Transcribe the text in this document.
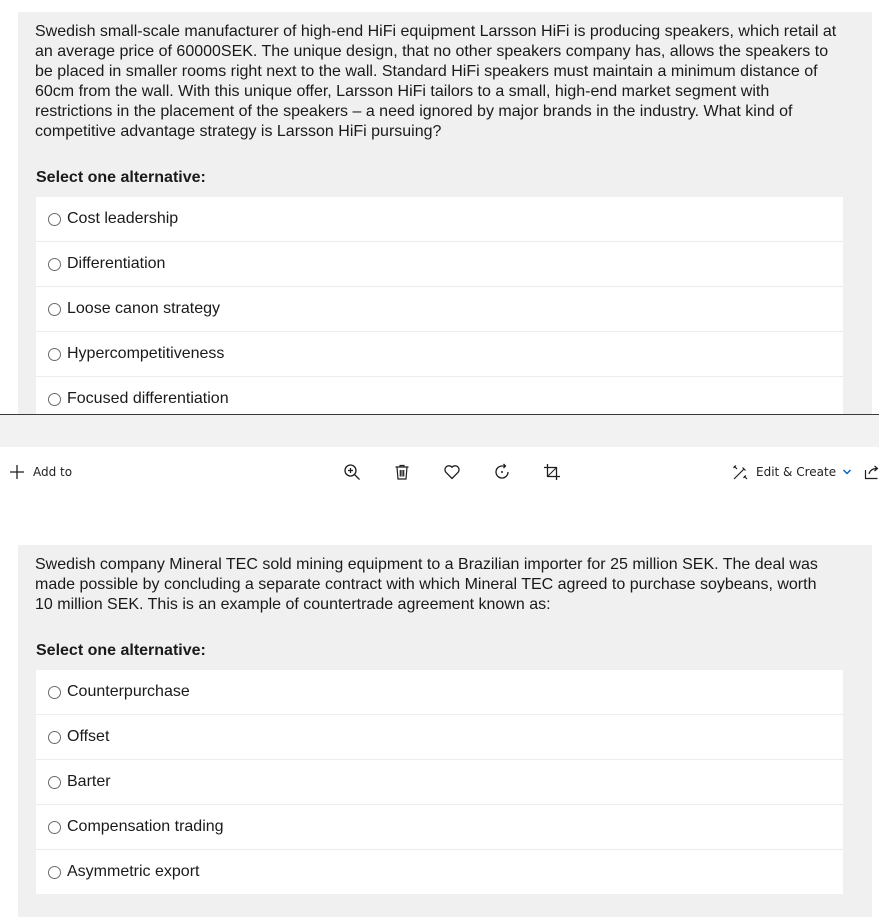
Swedish small-scale manufacturer of high-end HiFi equipment Larsson HiFi is producing speakers, which retail at
an average price of 60000SEK. The unique design, that no other speakers company has, allows the speakers to
be placed in smaller rooms right next to the wall. Standard HiFi speakers must maintain a minimum distance of
60cm from the wall. With this unique offer, Larsson HiFi tailors to a small, high-end market segment with
restrictions in the placement of the speakers – a need ignored by major brands in the industry. What kind of
competitive advantage strategy is Larsson HiFi pursuing?

Select one alternative:
Cost leadership
Differentiation
Loose canon strategy
Hypercompetitiveness
Focused differentiation
Add to	Edit & Create

Swedish company Mineral TEC sold mining equipment to a Brazilian importer for 25 million SEK. The deal was
made possible by concluding a separate contract with which Mineral TEC agreed to purchase soybeans, worth
10 million SEK. This is an example of countertrade agreement known as:

Select one alternative:
Counterpurchase
Offset
Barter
Compensation trading
Asymmetric export
